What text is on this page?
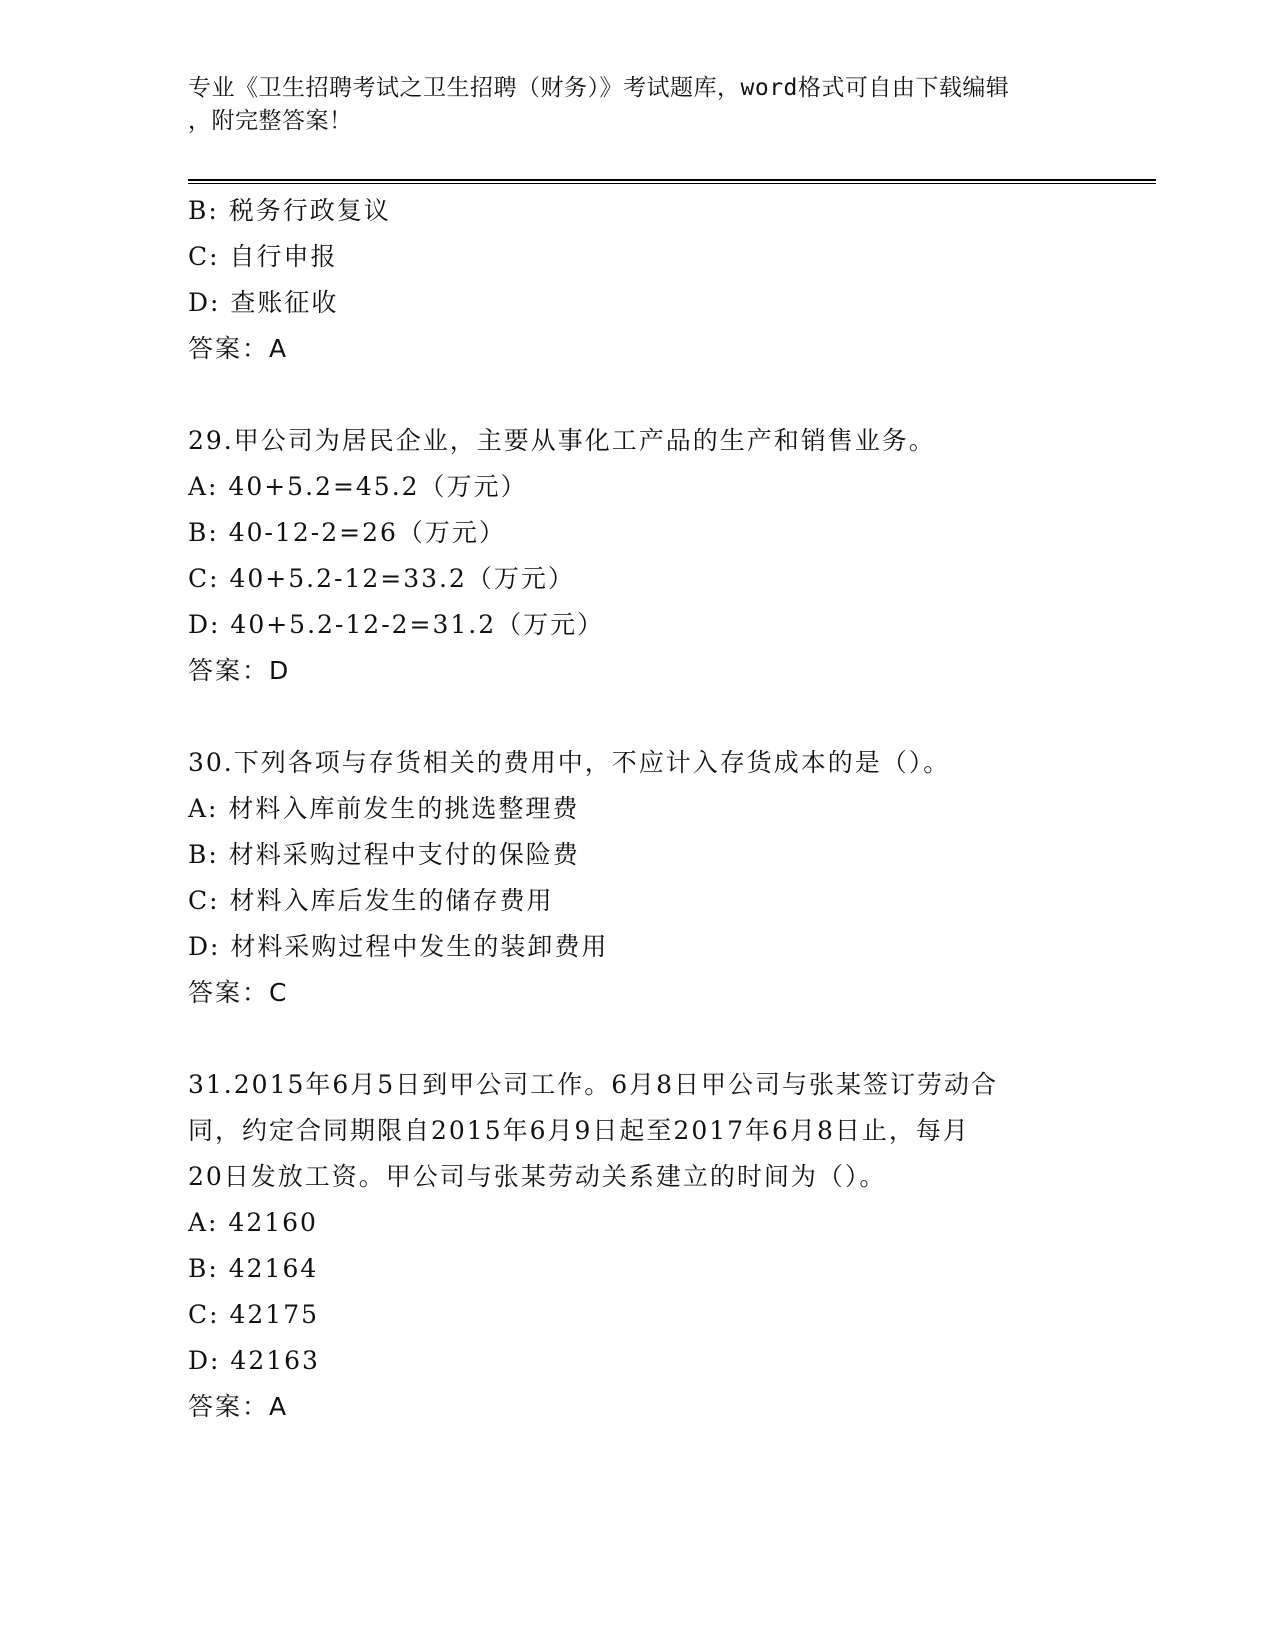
专业《卫生招聘考试之卫生招聘（财务）》考试题库，word格式可自由下载编辑
，附完整答案！
B: 税务行政复议
C: 自行申报
D: 查账征收
答案：A
29.甲公司为居民企业，主要从事化工产品的生产和销售业务。
A: 40+5.2=45.2（万元）
B: 40-12-2=26（万元）
C: 40+5.2-12=33.2（万元）
D: 40+5.2-12-2=31.2（万元）
答案：D
30.下列各项与存货相关的费用中，不应计入存货成本的是（）。
A: 材料入库前发生的挑选整理费
B: 材料采购过程中支付的保险费
C: 材料入库后发生的储存费用
D: 材料采购过程中发生的装卸费用
答案：C
31.2015年6月5日到甲公司工作。6月8日甲公司与张某签订劳动合
同，约定合同期限自2015年6月9日起至2017年6月8日止，每月
20日发放工资。甲公司与张某劳动关系建立的时间为（）。
A: 42160
B: 42164
C: 42175
D: 42163
答案：A
